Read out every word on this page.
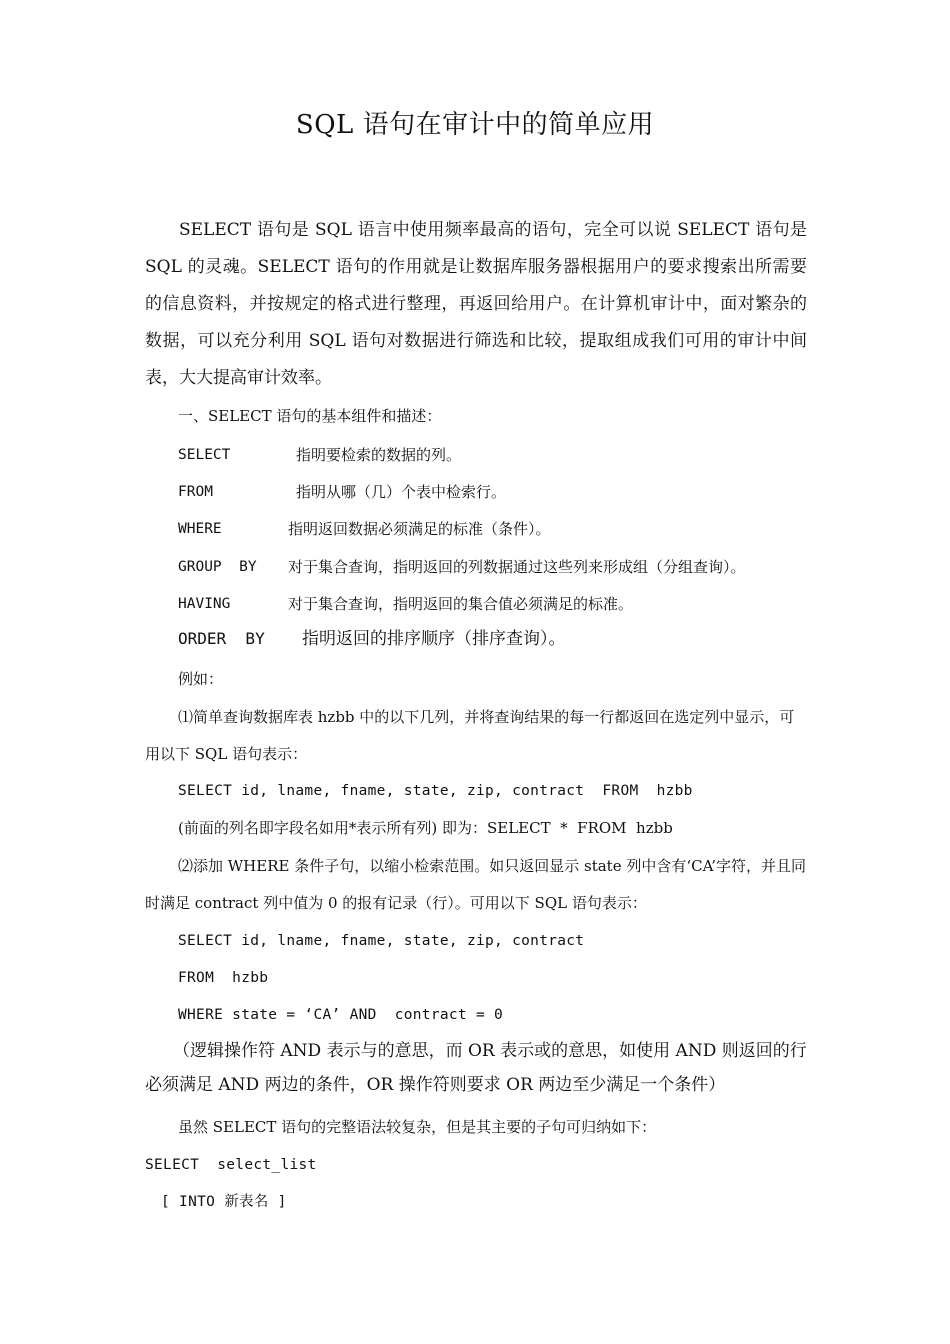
SQL 语句在审计中的简单应用
SELECT 语句是 SQL 语言中使用频率最高的语句，完全可以说 SELECT 语句是 SQL 的灵魂。SELECT 语句的作用就是让数据库服务器根据用户的要求搜索出所需要的信息资料，并按规定的格式进行整理，再返回给用户。在计算机审计中，面对繁杂的数据，可以充分利用 SQL 语句对数据进行筛选和比较，提取组成我们可用的审计中间表，大大提高审计效率。
一、SELECT 语句的基本组件和描述：
SELECT	指明要检索的数据的列。
FROM	指明从哪（几）个表中检索行。
WHERE	指明返回数据必须满足的标准（条件）。
GROUP  BY 对于集合查询，指明返回的列数据通过这些列来形成组（分组查询）。
HAVING	对于集合查询，指明返回的集合值必须满足的标准。
ORDER  BY 指明返回的排序顺序（排序查询）。
例如：
⑴简单查询数据库表 hzbb 中的以下几列，并将查询结果的每一行都返回在选定列中显示，可用以下 SQL 语句表示：
SELECT id, lname, fname, state, zip, contract  FROM  hzbb
(前面的列名即字段名如用*表示所有列) 即为：SELECT  *  FROM  hzbb
⑵添加 WHERE 条件子句，以缩小检索范围。如只返回显示 state 列中含有‘CA’字符，并且同时满足 contract 列中值为 0 的报有记录（行）。可用以下 SQL 语句表示：
SELECT id, lname, fname, state, zip, contract
FROM  hzbb
WHERE state = ‘CA’ AND  contract = 0
（逻辑操作符 AND 表示与的意思，而 OR 表示或的意思，如使用 AND 则返回的行必须满足 AND 两边的条件，OR 操作符则要求 OR 两边至少满足一个条件）
虽然 SELECT 语句的完整语法较复杂，但是其主要的子句可归纳如下：
SELECT  select_list
[ INTO 新表名 ]
